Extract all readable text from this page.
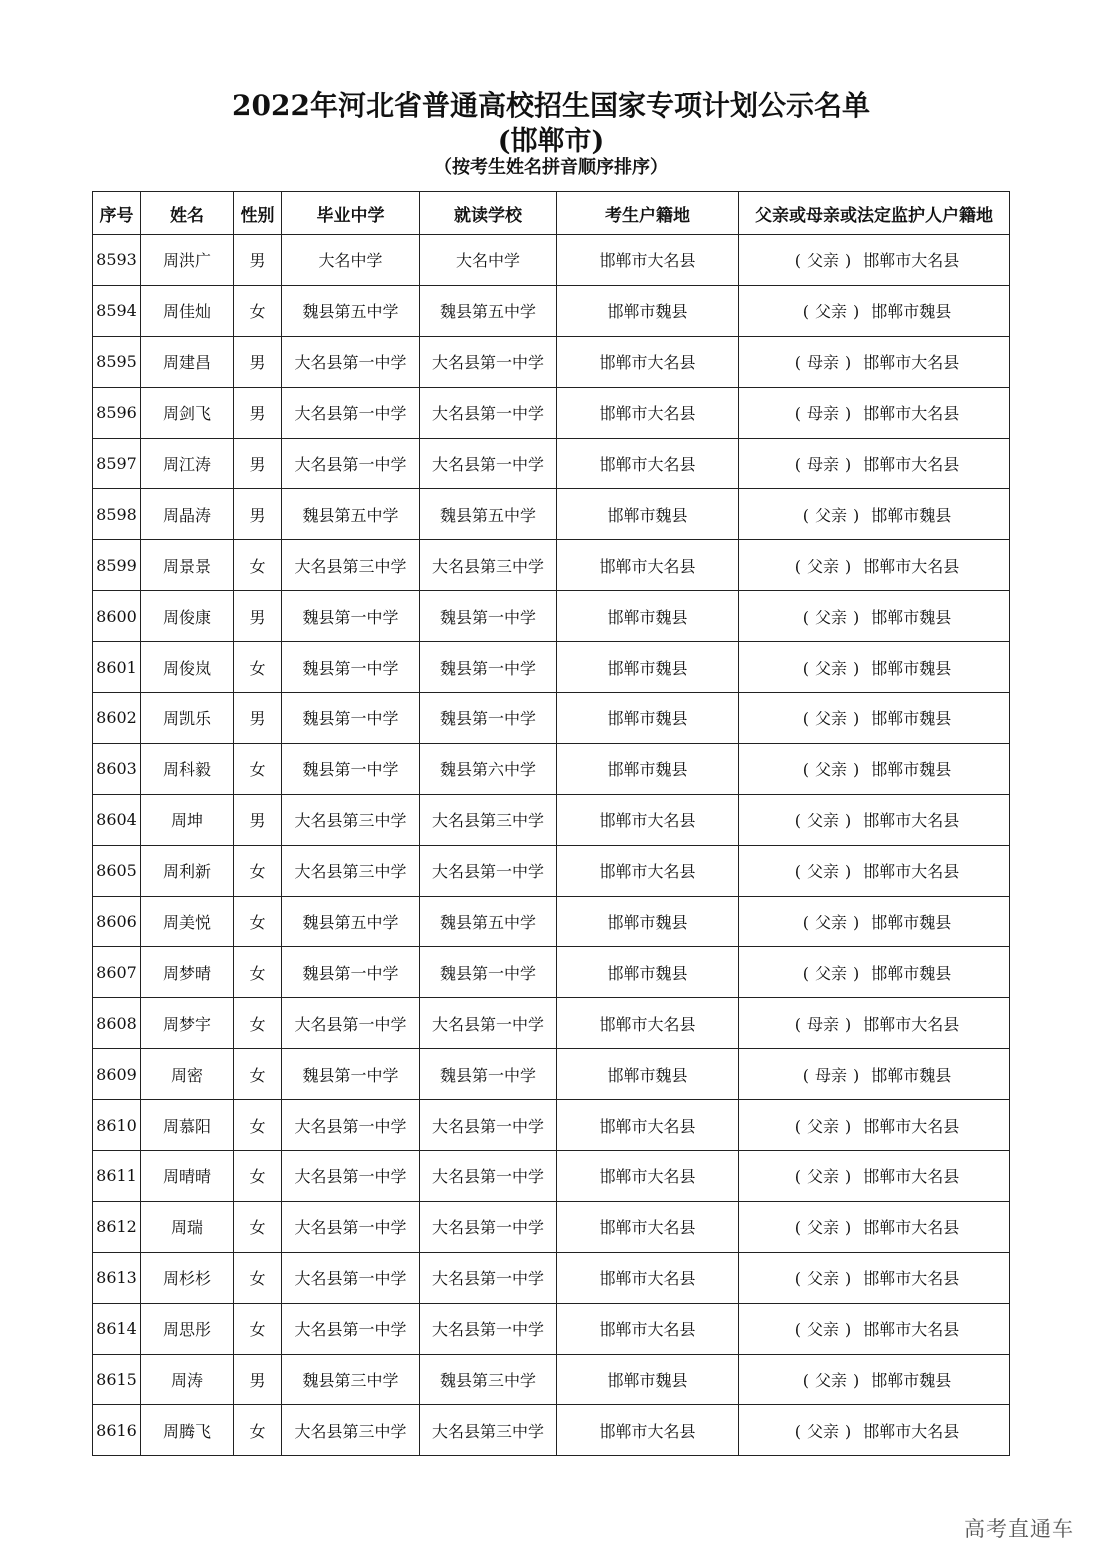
2022年河北省普通高校招生国家专项计划公示名单
(邯郸市)
（按考生姓名拼音顺序排序）
序号	姓名	性别	毕业中学	就读学校	考生户籍地	父亲或母亲或法定监护人户籍地
8593	周洪广	男	大名中学	大名中学	邯郸市大名县	( 父亲 ) 邯郸市大名县
8594	周佳灿	女	魏县第五中学	魏县第五中学	邯郸市魏县	( 父亲 ) 邯郸市魏县
8595	周建昌	男	大名县第一中学	大名县第一中学	邯郸市大名县	( 母亲 ) 邯郸市大名县
8596	周剑飞	男	大名县第一中学	大名县第一中学	邯郸市大名县	( 母亲 ) 邯郸市大名县
8597	周江涛	男	大名县第一中学	大名县第一中学	邯郸市大名县	( 母亲 ) 邯郸市大名县
8598	周晶涛	男	魏县第五中学	魏县第五中学	邯郸市魏县	( 父亲 ) 邯郸市魏县
8599	周景景	女	大名县第三中学	大名县第三中学	邯郸市大名县	( 父亲 ) 邯郸市大名县
8600	周俊康	男	魏县第一中学	魏县第一中学	邯郸市魏县	( 父亲 ) 邯郸市魏县
8601	周俊岚	女	魏县第一中学	魏县第一中学	邯郸市魏县	( 父亲 ) 邯郸市魏县
8602	周凯乐	男	魏县第一中学	魏县第一中学	邯郸市魏县	( 父亲 ) 邯郸市魏县
8603	周科毅	女	魏县第一中学	魏县第六中学	邯郸市魏县	( 父亲 ) 邯郸市魏县
8604	周坤	男	大名县第三中学	大名县第三中学	邯郸市大名县	( 父亲 ) 邯郸市大名县
8605	周利新	女	大名县第三中学	大名县第一中学	邯郸市大名县	( 父亲 ) 邯郸市大名县
8606	周美悦	女	魏县第五中学	魏县第五中学	邯郸市魏县	( 父亲 ) 邯郸市魏县
8607	周梦晴	女	魏县第一中学	魏县第一中学	邯郸市魏县	( 父亲 ) 邯郸市魏县
8608	周梦宇	女	大名县第一中学	大名县第一中学	邯郸市大名县	( 母亲 ) 邯郸市大名县
8609	周密	女	魏县第一中学	魏县第一中学	邯郸市魏县	( 母亲 ) 邯郸市魏县
8610	周慕阳	女	大名县第一中学	大名县第一中学	邯郸市大名县	( 父亲 ) 邯郸市大名县
8611	周晴晴	女	大名县第一中学	大名县第一中学	邯郸市大名县	( 父亲 ) 邯郸市大名县
8612	周瑞	女	大名县第一中学	大名县第一中学	邯郸市大名县	( 父亲 ) 邯郸市大名县
8613	周杉杉	女	大名县第一中学	大名县第一中学	邯郸市大名县	( 父亲 ) 邯郸市大名县
8614	周思彤	女	大名县第一中学	大名县第一中学	邯郸市大名县	( 父亲 ) 邯郸市大名县
8615	周涛	男	魏县第三中学	魏县第三中学	邯郸市魏县	( 父亲 ) 邯郸市魏县
8616	周腾飞	女	大名县第三中学	大名县第三中学	邯郸市大名县	( 父亲 ) 邯郸市大名县
高考直通车
